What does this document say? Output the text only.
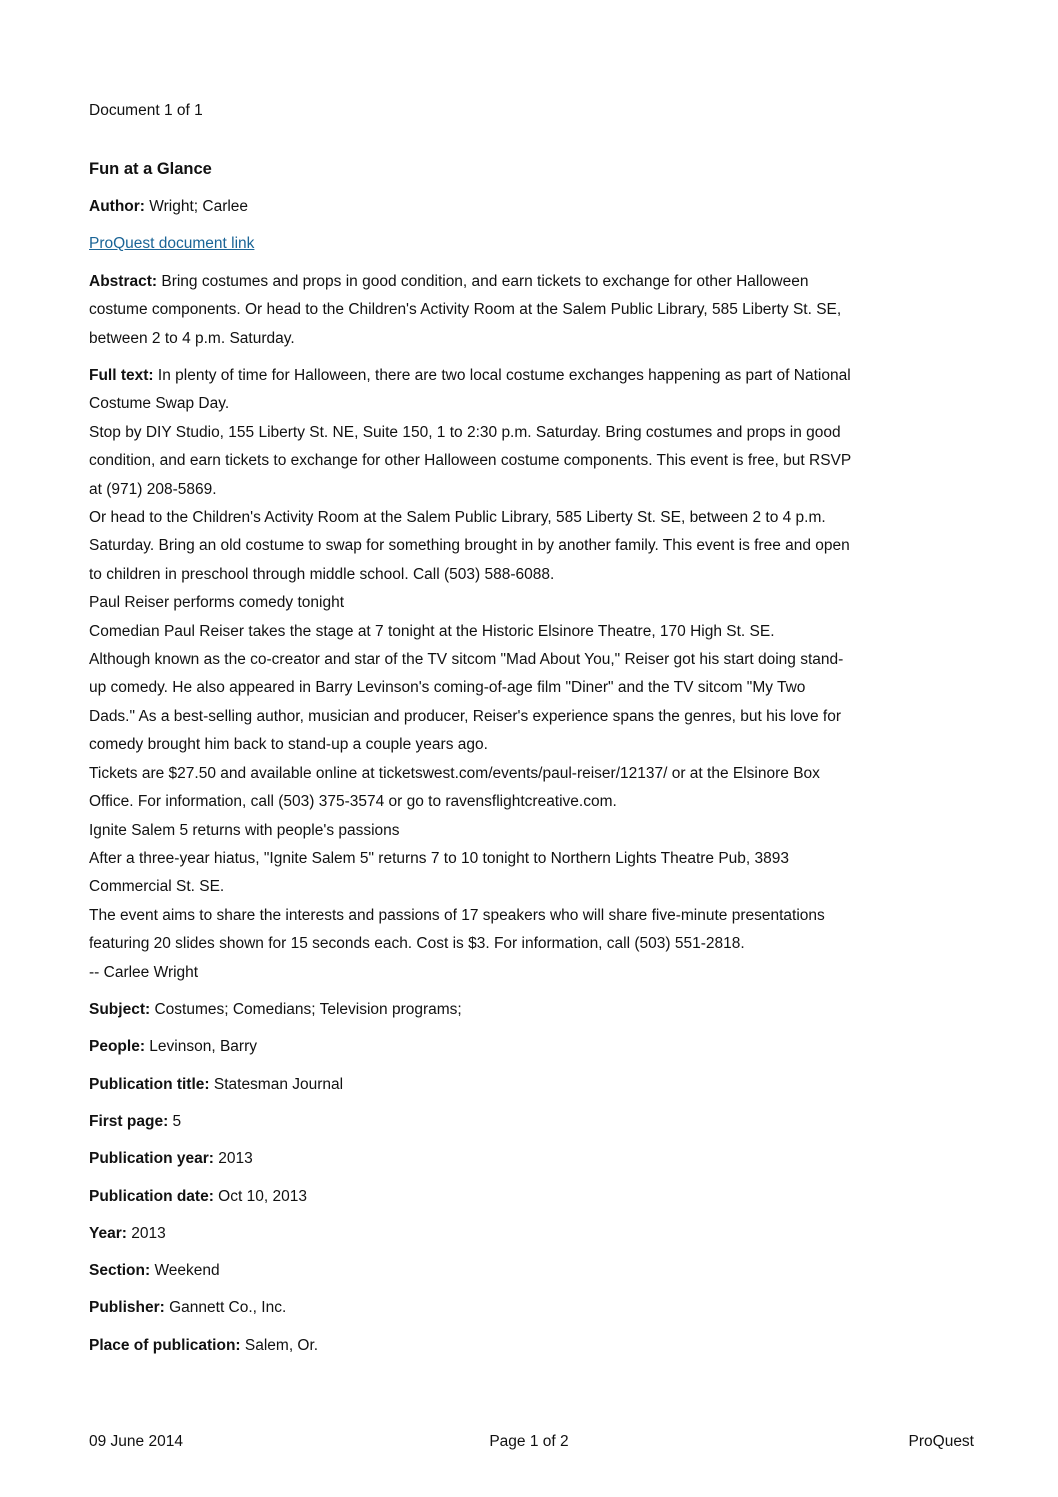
Document 1 of 1
Fun at a Glance
Author: Wright; Carlee
ProQuest document link
Abstract: Bring costumes and props in good condition, and earn tickets to exchange for other Halloween
costume components. Or head to the Children's Activity Room at the Salem Public Library, 585 Liberty St. SE,
between 2 to 4 p.m. Saturday.
Full text: In plenty of time for Halloween, there are two local costume exchanges happening as part of National
Costume Swap Day.
Stop by DIY Studio, 155 Liberty St. NE, Suite 150, 1 to 2:30 p.m. Saturday. Bring costumes and props in good
condition, and earn tickets to exchange for other Halloween costume components. This event is free, but RSVP
at (971) 208-5869.
Or head to the Children's Activity Room at the Salem Public Library, 585 Liberty St. SE, between 2 to 4 p.m.
Saturday. Bring an old costume to swap for something brought in by another family. This event is free and open
to children in preschool through middle school. Call (503) 588-6088.
Paul Reiser performs comedy tonight
Comedian Paul Reiser takes the stage at 7 tonight at the Historic Elsinore Theatre, 170 High St. SE.
Although known as the co-creator and star of the TV sitcom "Mad About You," Reiser got his start doing stand-
up comedy. He also appeared in Barry Levinson's coming-of-age film "Diner" and the TV sitcom "My Two
Dads." As a best-selling author, musician and producer, Reiser's experience spans the genres, but his love for
comedy brought him back to stand-up a couple years ago.
Tickets are $27.50 and available online at ticketswest.com/events/paul-reiser/12137/ or at the Elsinore Box
Office. For information, call (503) 375-3574 or go to ravensflightcreative.com.
Ignite Salem 5 returns with people's passions
After a three-year hiatus, "Ignite Salem 5" returns 7 to 10 tonight to Northern Lights Theatre Pub, 3893
Commercial St. SE.
The event aims to share the interests and passions of 17 speakers who will share five-minute presentations
featuring 20 slides shown for 15 seconds each. Cost is $3. For information, call (503) 551-2818.
-- Carlee Wright
Subject: Costumes; Comedians; Television programs;
People: Levinson, Barry
Publication title: Statesman Journal
First page: 5
Publication year: 2013
Publication date: Oct 10, 2013
Year: 2013
Section: Weekend
Publisher: Gannett Co., Inc.
Place of publication: Salem, Or.
09 June 2014	Page 1 of 2	ProQuest
